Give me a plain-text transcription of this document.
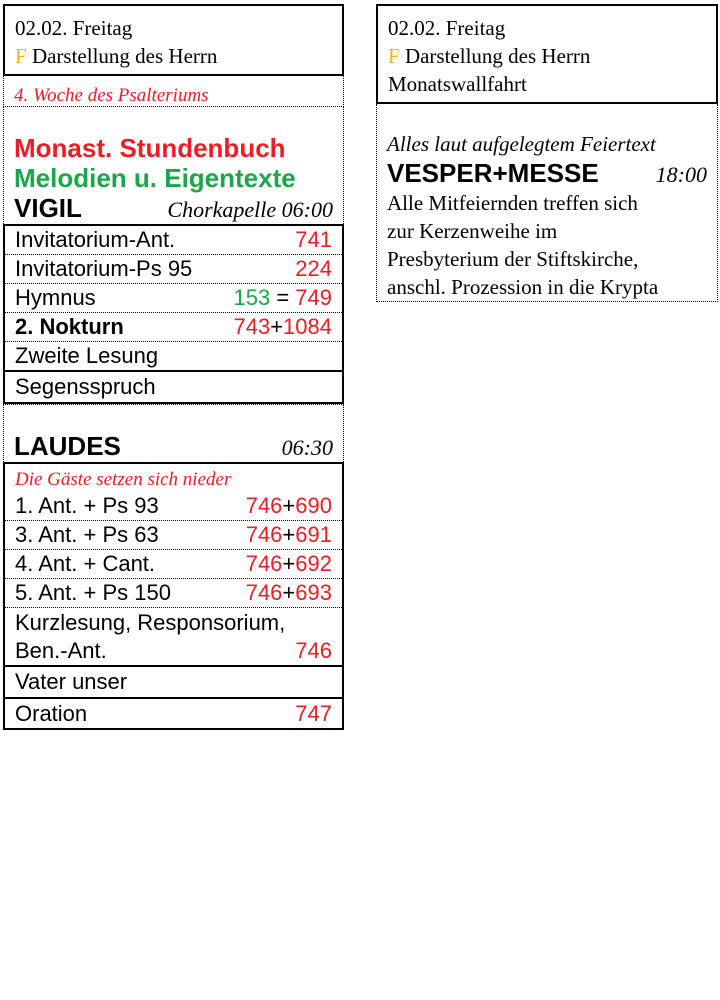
02.02. Freitag
F Darstellung des Herrn
4. Woche des Psalteriums
Monast. Stundenbuch
Melodien u. Eigentexte
VIGIL	Chorkapelle 06:00
Invitatorium-Ant.	741
Invitatorium-Ps 95	224
Hymnus	153 = 749
2. Nokturn	743+1084
Zweite Lesung
Segensspruch
LAUDES	06:30
Die Gäste setzen sich nieder
1. Ant. + Ps 93	746+690
3. Ant. + Ps 63	746+691
4. Ant. + Cant.	746+692
5. Ant. + Ps 150	746+693
Kurzlesung, Responsorium,
Ben.-Ant.	746
Vater unser
Oration	747
02.02. Freitag
F Darstellung des Herrn
Monatswallfahrt
Alles laut aufgelegtem Feiertext
VESPER+MESSE	18:00
Alle Mitfeiernden treffen sich
zur Kerzenweihe im
Presbyterium der Stiftskirche,
anschl. Prozession in die Krypta
